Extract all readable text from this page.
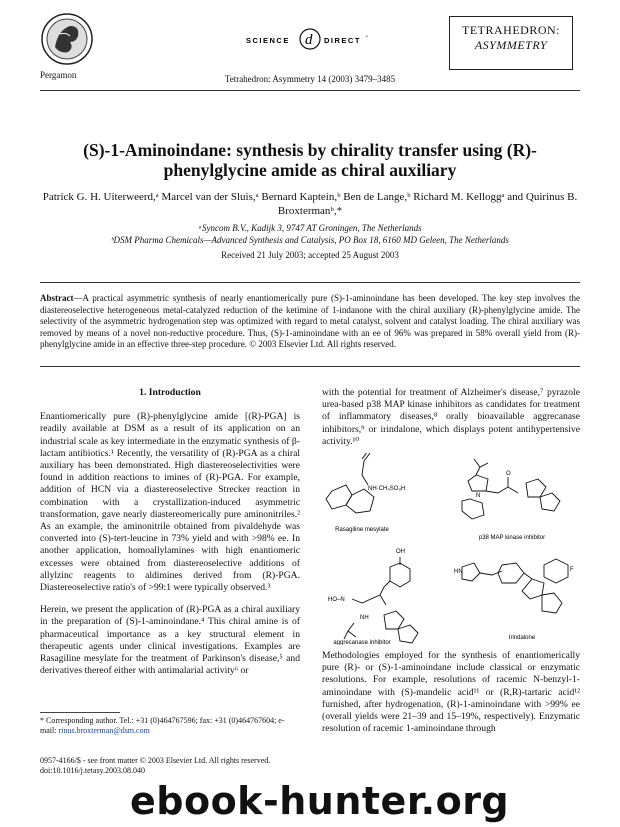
Pergamon
SCIENCE d DIRECT •
Tetrahedron: Asymmetry 14 (2003) 3479–3485
TETRAHEDRON:
ASYMMETRY
(S)-1-Aminoindane: synthesis by chirality transfer using (R)-phenylglycine amide as chiral auxiliary
Patrick G. H. Uiterweerd,ᵃ Marcel van der Sluis,ᵃ Bernard Kaptein,ᵇ Ben de Lange,ᵇ Richard M. Kelloggᵃ and Quirinus B. Broxtermanᵇ,*
ᵃSyncom B.V., Kadijk 3, 9747 AT Groningen, The Netherlands
ᵇDSM Pharma Chemicals—Advanced Synthesis and Catalysis, PO Box 18, 6160 MD Geleen, The Netherlands
Received 21 July 2003; accepted 25 August 2003
Abstract—A practical asymmetric synthesis of nearly enantiomerically pure (S)-1-aminoindane has been developed. The key step involves the diastereoselective heterogeneous metal-catalyzed reduction of the ketimine of 1-indanone with the chiral auxiliary (R)-phenylglycine amide. The selectivity of the asymmetric hydrogenation step was optimized with regard to metal catalyst, solvent and catalyst loading. The chiral auxiliary was removed by means of a novel non-reductive procedure. Thus, (S)-1-aminoindane with an ee of 96% was prepared in 58% overall yield from (R)-phenylglycine amide in an effective three-step procedure. © 2003 Elsevier Ltd. All rights reserved.
1. Introduction

Enantiomerically pure (R)-phenylglycine amide [(R)-PGA] is readily available at DSM as a result of its application on an industrial scale as key intermediate in the enzymatic synthesis of β-lactam antibiotics.¹ Recently, the versatility of (R)-PGA as a chiral auxiliary has been demonstrated. High diastereoselectivities were found in addition reactions to imines of (R)-PGA. For example, addition of HCN via a diastereoselective Strecker reaction in combination with a crystallization-induced asymmetric transformation, gave nearly diastereomerically pure aminonitriles.² As an example, the aminonitrile obtained from pivaldehyde was converted into (S)-tert-leucine in 73% yield and with >98% ee. In another application, homoallylamines with high enantiomeric excesses were obtained from diastereoselective additions of allylzinc reagents to aldimines derived from (R)-PGA. Diastereoselective ratio's of >99:1 were typically observed.³

Herein, we present the application of (R)-PGA as a chiral auxiliary in the preparation of (S)-1-aminoindane.⁴ This chiral amine is of pharmaceutical importance as a key structural element in therapeutic agents under clinical investigations. Examples are Rasagiline mesylate for the treatment of Parkinson's disease,⁵ and derivatives thereof either with antimalarial activity⁶ or

with the potential for treatment of Alzheimer's disease,⁷ pyrazole urea-based p38 MAP kinase inhibitors as candidates for treatment of inflammatory diseases,⁸ orally bioavailable aggrecanase inhibitors,⁹ or irindalone, which displays potent antihypertensive activity.¹⁰

NH·CH₃SO₃H
Rasagiline mesylate
N
O
p38 MAP kinase inhibitor
OH
HO–N
NH
aggrecanase inhibitor
HN	F
Irindalone

Methodologies employed for the synthesis of enantiomerically pure (R)- or (S)-1-aminoindane include classical or enzymatic resolutions. For example, resolutions of racemic N-benzyl-1-aminoindane with (S)-mandelic acid¹¹ or (R,R)-tartaric acid¹² furnished, after hydrogenation, (R)-1-aminoindane with >99% ee (overall yields were 21–39 and 15–19%, respectively). Enzymatic resolution of racemic 1-aminoindane through

* Corresponding author. Tel.: +31 (0)464767596; fax: +31 (0)464767604; e-mail: rinus.broxterman@dsm.com
0957-4166/$ - see front matter © 2003 Elsevier Ltd. All rights reserved.
doi:10.1016/j.tetasy.2003.08.040
ebook-hunter.org
